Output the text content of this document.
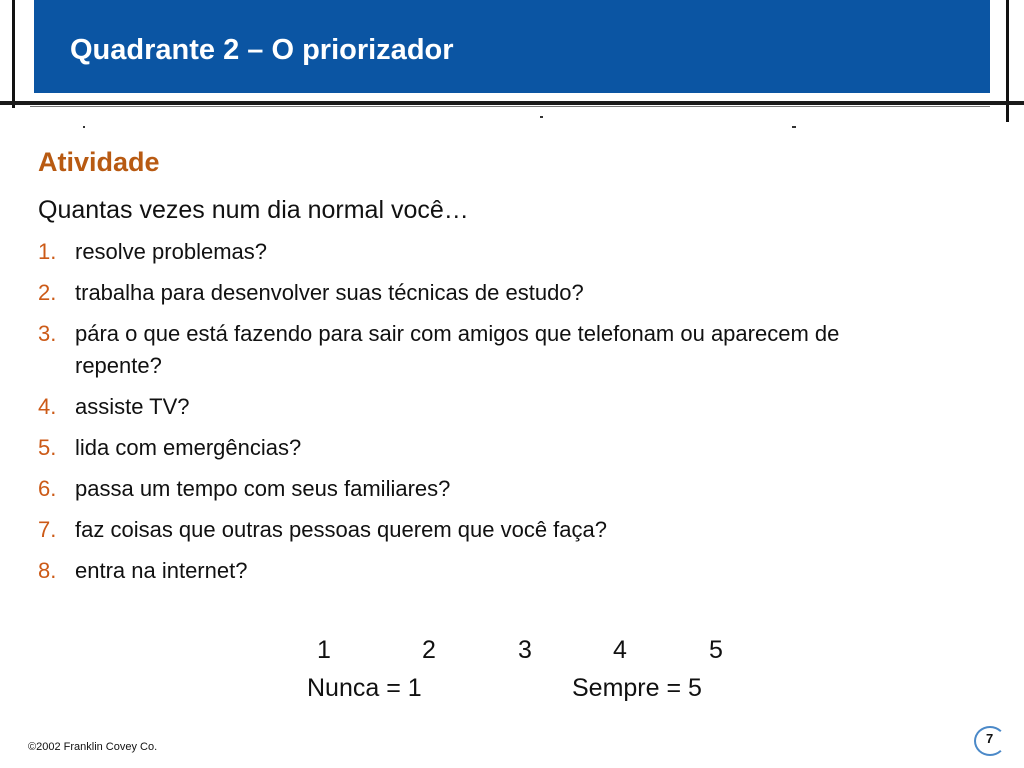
Quadrante 2 – O priorizador
Atividade
Quantas vezes num dia normal você…
1. resolve problemas?
2. trabalha para desenvolver suas técnicas de estudo?
3. pára o que está fazendo para sair com amigos que telefonam ou aparecem de repente?
4. assiste TV?
5. lida com emergências?
6. passa um tempo com seus familiares?
7. faz coisas que outras pessoas querem que você faça?
8. entra na internet?
1	2	3	4	5
Nunca = 1	Sempre = 5
©2002 Franklin Covey Co.
7
